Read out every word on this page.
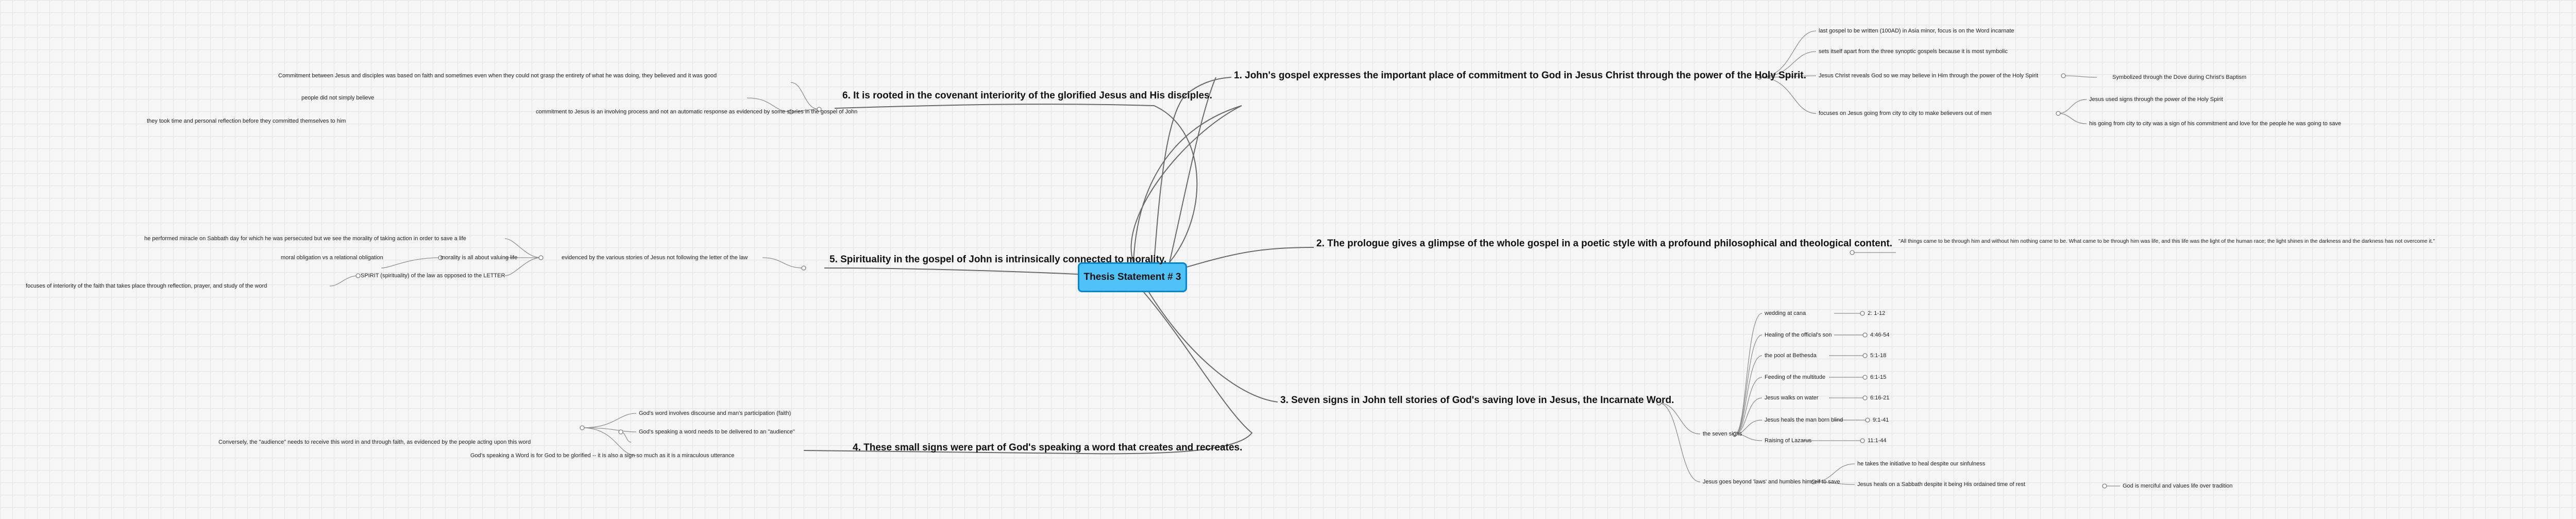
Thesis Statement # 3
1. John's gospel expresses the important place of commitment to God in Jesus Christ through the power of the Holy Spirit.
2. The prologue gives a glimpse of the whole gospel in a poetic style with a profound philosophical and theological content.
3. Seven signs in John tell stories of God's saving love in Jesus, the Incarnate Word.
4. These small signs were part of God's speaking a word that creates and recreates.
5. Spirituality in the gospel of John is intrinsically connected to morality.
6. It is rooted in the covenant interiority of the glorified Jesus and His disciples.
last gospel to be written (100AD) in Asia minor, focus is on the Word incarnate
sets itself apart from the three synoptic gospels because it is most symbolic
Jesus Christ reveals God so we may believe in Him through the power of the Holy Spirit	Symbolized through the Dove during Christ's Baptism
focuses on Jesus going from city to city to make believers out of men
Jesus used signs through the power of the Holy Spirit
his going from city to city was a sign of his commitment and love for the people he was going to save
"All things came to be through him and without him nothing came to be. What came to be through him was life, and this life was the light of the human race; the light shines in the darkness and the darkness has not overcome it."
the seven signs
wedding at cana	2: 1-12
Healing of the official's son	4:46-54
the pool at Bethesda	5:1-18
Feeding of the multitude	6:1-15
Jesus walks on water	6:16-21
Jesus heals the man born blind	9:1-41
Raising of Lazarus	11:1-44
Jesus goes beyond 'laws' and humbles himself to save
he takes the initiative to heal despite our sinfulness
Jesus heals on a Sabbath despite it being His ordained time of rest	God is merciful and values life over tradition
God's word involves discourse and man's participation (faith)
God's speaking a word needs to be delivered to an "audience"
Conversely, the "audience" needs to receive this word in and through faith, as evidenced by the people acting upon this word
God's speaking a Word is for God to be glorified -- it is also a sign so much as it is a miraculous utterance
evidenced by the various stories of Jesus not following the letter of the law
he performed miracle on Sabbath day for which he was persecuted but we see the morality of taking action in order to save a life
morality is all about valuing life
moral obligation vs a relational obligation
SPIRIT (spirituality) of the law as opposed to the LETTER
focuses of interiority of the faith that takes place through reflection, prayer, and study of the word
Commitment between Jesus and disciples was based on faith and sometimes even when they could not grasp the entirety of what he was doing, they believed and it was good
commitment to Jesus is an involving process and not an automatic response as evidenced by some stories in the gospel of John
people did not simply believe
they took time and personal reflection before they committed themselves to him
